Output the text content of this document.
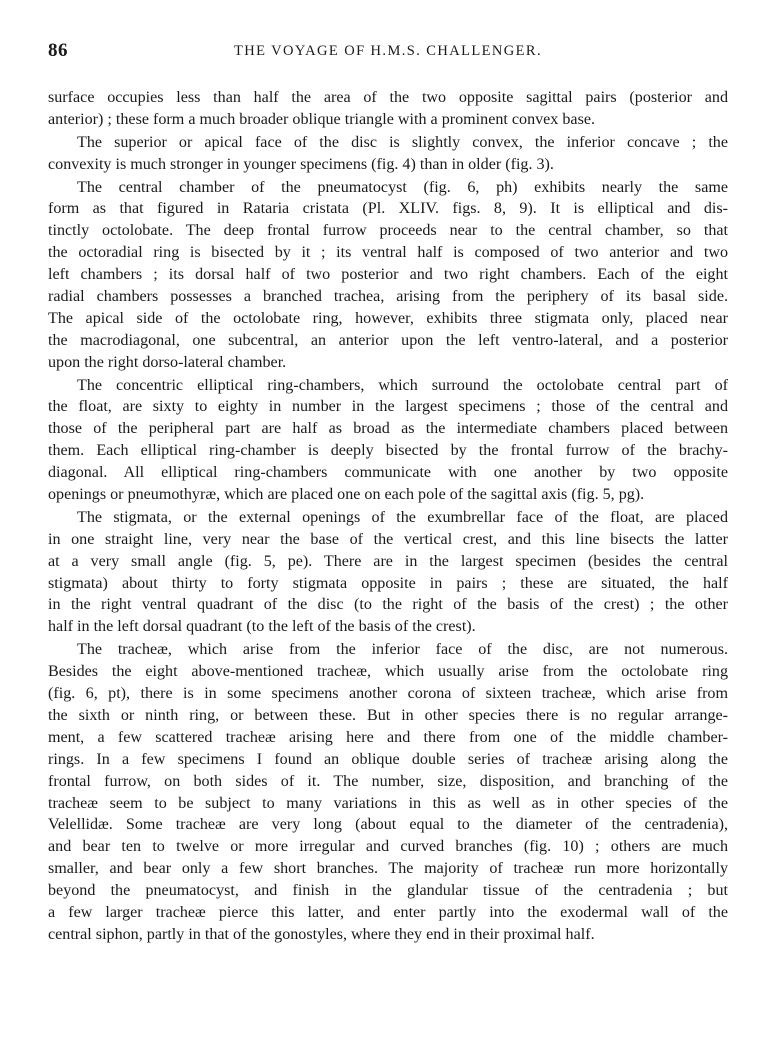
86	THE VOYAGE OF H.M.S. CHALLENGER.
surface occupies less than half the area of the two opposite sagittal pairs (posterior and
anterior) ; these form a much broader oblique triangle with a prominent convex base.
The superior or apical face of the disc is slightly convex, the inferior concave ; the
convexity is much stronger in younger specimens (fig. 4) than in older (fig. 3).
The central chamber of the pneumatocyst (fig. 6, ph) exhibits nearly the same
form as that figured in Rataria cristata (Pl. XLIV. figs. 8, 9). It is elliptical and dis-
tinctly octolobate. The deep frontal furrow proceeds near to the central chamber, so that
the octoradial ring is bisected by it ; its ventral half is composed of two anterior and two
left chambers ; its dorsal half of two posterior and two right chambers. Each of the eight
radial chambers possesses a branched trachea, arising from the periphery of its basal side.
The apical side of the octolobate ring, however, exhibits three stigmata only, placed near
the macrodiagonal, one subcentral, an anterior upon the left ventro-lateral, and a posterior
upon the right dorso-lateral chamber.
The concentric elliptical ring-chambers, which surround the octolobate central part of
the float, are sixty to eighty in number in the largest specimens ; those of the central and
those of the peripheral part are half as broad as the intermediate chambers placed between
them. Each elliptical ring-chamber is deeply bisected by the frontal furrow of the brachy-
diagonal. All elliptical ring-chambers communicate with one another by two opposite
openings or pneumothyræ, which are placed one on each pole of the sagittal axis (fig. 5, pg).
The stigmata, or the external openings of the exumbrellar face of the float, are placed
in one straight line, very near the base of the vertical crest, and this line bisects the latter
at a very small angle (fig. 5, pe). There are in the largest specimen (besides the central
stigmata) about thirty to forty stigmata opposite in pairs ; these are situated, the half
in the right ventral quadrant of the disc (to the right of the basis of the crest) ; the other
half in the left dorsal quadrant (to the left of the basis of the crest).
The tracheæ, which arise from the inferior face of the disc, are not numerous.
Besides the eight above-mentioned tracheæ, which usually arise from the octolobate ring
(fig. 6, pt), there is in some specimens another corona of sixteen tracheæ, which arise from
the sixth or ninth ring, or between these. But in other species there is no regular arrange-
ment, a few scattered tracheæ arising here and there from one of the middle chamber-
rings. In a few specimens I found an oblique double series of tracheæ arising along the
frontal furrow, on both sides of it. The number, size, disposition, and branching of the
tracheæ seem to be subject to many variations in this as well as in other species of the
Velellidæ. Some tracheæ are very long (about equal to the diameter of the centradenia),
and bear ten to twelve or more irregular and curved branches (fig. 10) ; others are much
smaller, and bear only a few short branches. The majority of tracheæ run more horizontally
beyond the pneumatocyst, and finish in the glandular tissue of the centradenia ; but
a few larger tracheæ pierce this latter, and enter partly into the exodermal wall of the
central siphon, partly in that of the gonostyles, where they end in their proximal half.
